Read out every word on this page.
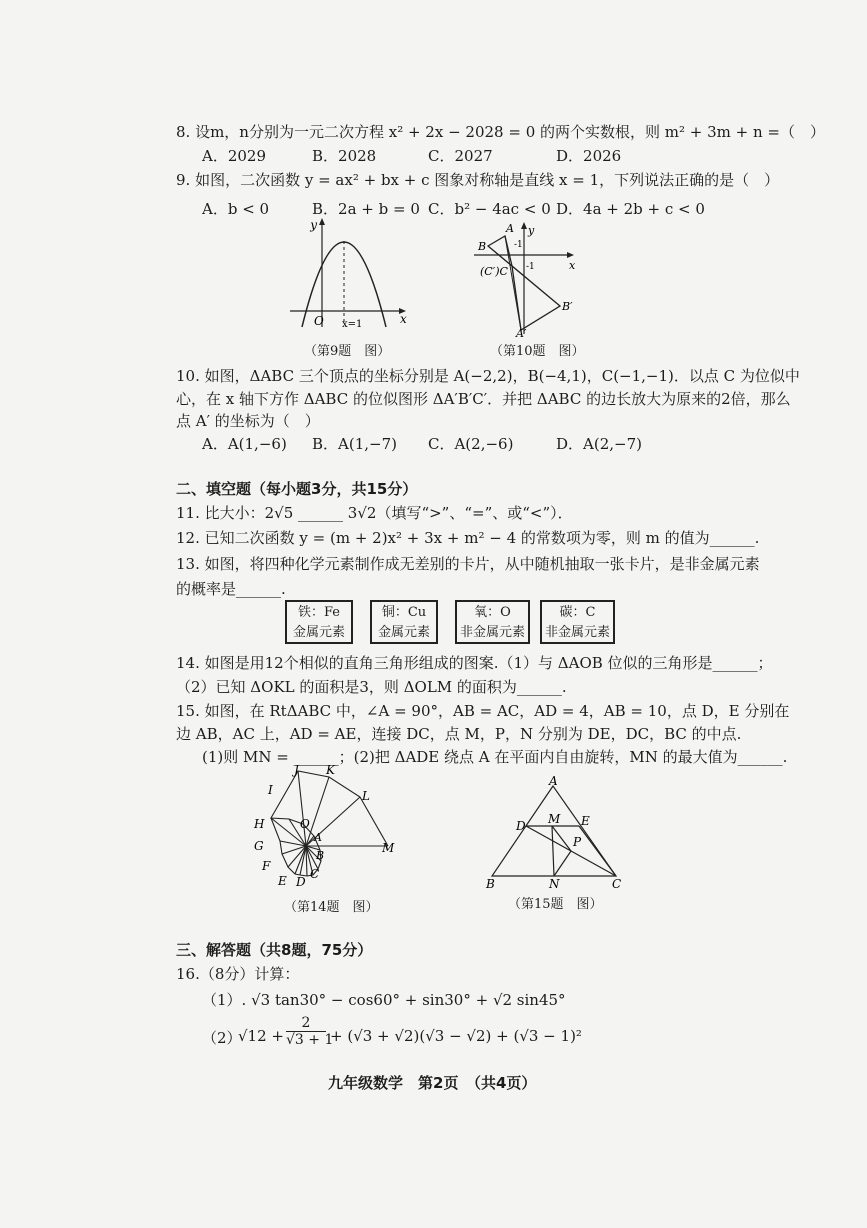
8. 设m，n分别为一元二次方程 x² + 2x − 2028 = 0 的两个实数根，则 m² + 3m + n =（　）
A．2029	B．2028	C．2027	D．2026
9. 如图，二次函数 y = ax² + bx + c 图象对称轴是直线 x = 1，下列说法正确的是（　）
A．b < 0	B．2a + b = 0 C．b² − 4ac < 0 D．4a + 2b + c < 0
y
x
O x=1
（第9题　图）
y
x
A
B
(C′)C
-1
-1
B′
A′
（第10题　图）
10. 如图，ΔABC 三个顶点的坐标分别是 A(−2,2)，B(−4,1)，C(−1,−1)．以点 C 为位似中
心，在 x 轴下方作 ΔABC 的位似图形 ΔA′B′C′．并把 ΔABC 的边长放大为原来的2倍，那么
点 A′ 的坐标为（　）
A．A(1,−6) B．A(1,−7) C．A(2,−6)	D．A(2,−7)
二、填空题（每小题3分，共15分）
11. 比大小：2√5 ______ 3√2（填写“>”、“=”、或“<”）．
12. 已知二次函数 y = (m + 2)x² + 3x + m² − 4 的常数项为零，则 m 的值为______.
13. 如图，将四种化学元素制作成无差别的卡片，从中随机抽取一张卡片，是非金属元素
的概率是______.
铁：Fe
金属元素
铜：Cu
金属元素
氧：O
非金属元素
碳：C
非金属元素
14. 如图是用12个相似的直角三角形组成的图案.（1）与 ΔAOB 位似的三角形是______；
（2）已知 ΔOKL 的面积是3，则 ΔOLM 的面积为______.
15. 如图，在 RtΔABC 中，∠A = 90°，AB = AC，AD = 4，AB = 10，点 D，E 分别在
边 AB，AC 上，AD = AE，连接 DC，点 M，P，N 分别为 DE，DC，BC 的中点.
(1)则 MN = ______；(2)把 ΔADE 绕点 A 在平面内自由旋转，MN 的最大值为______.
J K
I	L
H	O
A
G
B
F
M
E D
C
（第14题　图）
A
D M E
P
B	N	C
（第15题　图）
三、解答题（共8题，75分）
16.（8分）计算：
（1）. √3 tan30° − cos60° + sin30° + √2 sin45°
（2）
$√12 + \frac{2}{√3 + 1} + (√3 + √2)(√3 - √2) + (√3 - 1)^2$
九年级数学　第2页　（共4页）
